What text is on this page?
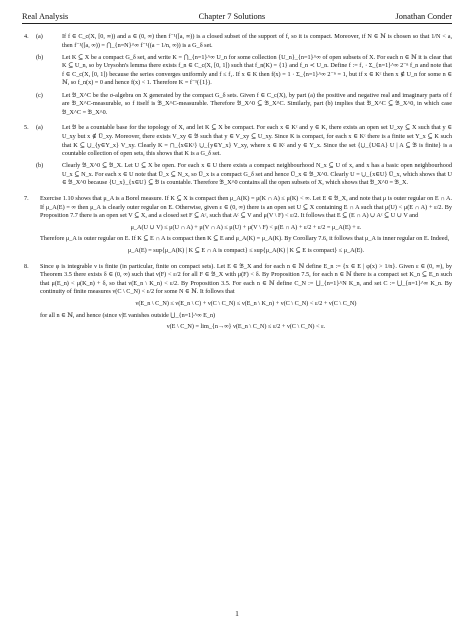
Real Analysis	Chapter 7 Solutions	Jonathan Conder
4. (a)	If f ∈ C_c(X, [0, ∞)) and a ∈ (0, ∞) then f⁻¹([a, ∞)) is a closed subset of the support of f, so it is compact. Moreover, if N ∈ ℕ is chosen so that 1/N < a, then f⁻¹([a, ∞)) = ⋂_{n=N}^∞ f⁻¹((a − 1/n, ∞)) is a G_δ set.

(b)	Let K ⊆ X be a compact G_δ set, and write K = ⋂_{n=1}^∞ U_n for some collection {U_n}_{n=1}^∞ of open subsets of X. For each n ∈ ℕ it is clear that K ⊆ U_n, so by Urysohn's lemma there exists f_n ∈ C_c(X, [0, 1]) such that f_n(K) = {1} and f_n ≺ U_n. Define f := f₁ · Σ_{n=1}^∞ 2⁻ⁿ f_n and note that f ∈ C_c(X, [0, 1]) because the series converges uniformly and f ≤ f₁. If x ∈ K then f(x) = 1 · Σ_{n=1}^∞ 2⁻ⁿ = 1, but if x ∈ Kᶜ then x ∉ U_n for some n ∈ ℕ, so f_n(x) = 0 and hence f(x) < 1. Therefore K = f⁻¹({1}).

(c)	Let 𝔅_X^C be the σ-algebra on X generated by the compact G_δ sets. Given f ∈ C_c(X), by part (a) the positive and negative real and imaginary parts of f are 𝔅_X^C-measurable, so f itself is 𝔅_X^C-measurable. Therefore 𝔅_X^0 ⊆ 𝔅_X^C. Similarly, part (b) implies that 𝔅_X^C ⊆ 𝔅_X^0, in which case 𝔅_X^C = 𝔅_X^0.

5. (a)	Let 𝔅 be a countable base for the topology of X, and let K ⊆ X be compact. For each x ∈ Kᶜ and y ∈ K, there exists an open set U_xy ⊆ X such that y ∈ U_xy but x ∉ U̅_xy. Moreover, there exists V_xy ∈ 𝔅 such that y ∈ V_xy ⊆ U_xy. Since K is compact, for each x ∈ Kᶜ there is a finite set Y_x ⊆ K such that K ⊆ ⋃_{y∈Y_x} V_xy. Clearly K = ⋂_{x∈Kᶜ} ⋃_{y∈Y_x} V_xy, where x ∈ Kᶜ and y ∈ Y_x. Since the set {⋃_{U∈A} U | A ⊆ 𝔅 is finite} is a countable collection of open sets, this shows that K is a G_δ set.

(b)	Clearly 𝔅_X^0 ⊆ 𝔅_X. Let U ⊆ X be open. For each x ∈ U there exists a compact neighbourhood N_x ⊆ U of x, and x has a basic open neighbourhood U_x ⊆ N_x. For each x ∈ U note that U̅_x ⊆ N_x, so U̅_x is a compact G_δ set and hence U̅_x ∈ 𝔅_X^0. Clearly U = ⋃_{x∈U} U̅_x, which shows that U ∈ 𝔅_X^0 because {U_x}_{x∈U} ⊆ 𝔅 is countable. Therefore 𝔅_X^0 contains all the open subsets of X, which shows that 𝔅_X^0 = 𝔅_X.

7. Exercise 1.10 shows that μ_A is a Borel measure. If K ⊆ X is compact then μ_A(K) = μ(K ∩ A) ≤ μ(K) < ∞. Let E ∈ 𝔅_X, and note that μ is outer regular on E ∩ A. If μ_A(E) = ∞ then μ_A is clearly outer regular on E. Otherwise, given ε ∈ (0, ∞) there is an open set U ⊆ X containing E ∩ A such that μ(U) < μ(E ∩ A) + ε/2. By Proposition 7.7 there is an open set V ⊆ X, and a closed set F ⊆ Aᶜ, such that Aᶜ ⊆ V and μ(V \ F) < ε/2. It follows that E ⊆ (E ∩ A) ∪ Aᶜ ⊆ U ∪ V and

μ_A(U ∪ V) ≤ μ(U ∩ A) + μ(V ∩ A) ≤ μ(U) + μ(V \ F) < μ(E ∩ A) + ε/2 + ε/2 = μ_A(E) + ε.

Therefore μ_A is outer regular on E. If K ⊆ E ∩ A is compact then K ⊆ E and μ_A(K) = μ_A(K). By Corollary 7.6, it follows that μ_A is inner regular on E. Indeed,

μ_A(E) = sup{μ_A(K) | K ⊆ E ∩ A is compact} ≤ sup{μ_A(K) | K ⊆ E is compact} ≤ μ_A(E).
8. Since φ is integrable ν is finite (in particular, finite on compact sets). Let E ∈ 𝔅_X and for each n ∈ ℕ define E_n := {x ∈ E | φ(x) > 1/n}. Given ε ∈ (0, ∞), by Theorem 3.5 there exists δ ∈ (0, ∞) such that ν(F) < ε/2 for all F ∈ 𝔅_X with μ(F) < δ. By Proposition 7.5, for each n ∈ ℕ there is a compact set K_n ⊆ E_n such that μ(E_n) < μ(K_n) + δ, so that ν(E_n \ K_n) < ε/2. By Proposition 3.5. For each n ∈ ℕ define C_N := ⋃_{n=1}^N K_n, and set C := ⋃_{n=1}^∞ K_n. By continuity of finite measures ν(C \ C_N) < ε/2 for some N ∈ ℕ. It follows that

ν(E_n \ C_N) ≤ ν(E_n \ C) + ν(C \ C_N) ≤ ν(E_n \ K_n) + ν(C \ C_N) < ε/2 + ν(C \ C_N)

for all n ∈ ℕ, and hence (since ν|E vanishes outside ⋃_{n=1}^∞ E_n)

ν(E \ C_N) = lim_{n→∞} ν(E_n \ C_N) ≤ ε/2 + ν(C \ C_N) < ε.
1
